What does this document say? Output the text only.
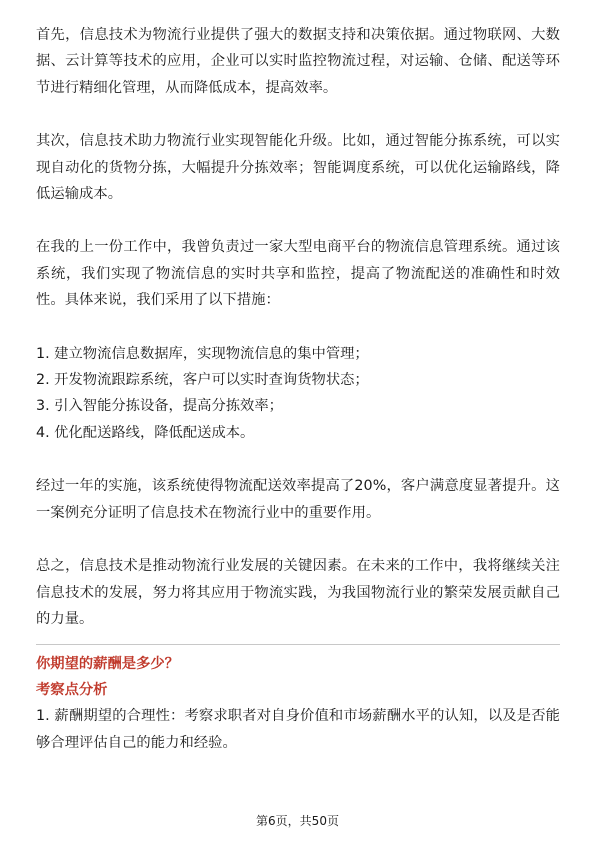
首先，信息技术为物流行业提供了强大的数据支持和决策依据。通过物联网、大数据、云计算等技术的应用，企业可以实时监控物流过程，对运输、仓储、配送等环节进行精细化管理，从而降低成本，提高效率。

其次，信息技术助力物流行业实现智能化升级。比如，通过智能分拣系统，可以实现自动化的货物分拣，大幅提升分拣效率；智能调度系统，可以优化运输路线，降低运输成本。

在我的上一份工作中，我曾负责过一家大型电商平台的物流信息管理系统。通过该系统，我们实现了物流信息的实时共享和监控，提高了物流配送的准确性和时效性。具体来说，我们采用了以下措施：

1. 建立物流信息数据库，实现物流信息的集中管理；

2. 开发物流跟踪系统，客户可以实时查询货物状态；

3. 引入智能分拣设备，提高分拣效率；

4. 优化配送路线，降低配送成本。

经过一年的实施，该系统使得物流配送效率提高了20%，客户满意度显著提升。这一案例充分证明了信息技术在物流行业中的重要作用。

总之，信息技术是推动物流行业发展的关键因素。在未来的工作中，我将继续关注信息技术的发展，努力将其应用于物流实践，为我国物流行业的繁荣发展贡献自己的力量。

你期望的薪酬是多少？

考察点分析

1. 薪酬期望的合理性：考察求职者对自身价值和市场薪酬水平的认知，以及是否能够合理评估自己的能力和经验。

第6页，共50页
